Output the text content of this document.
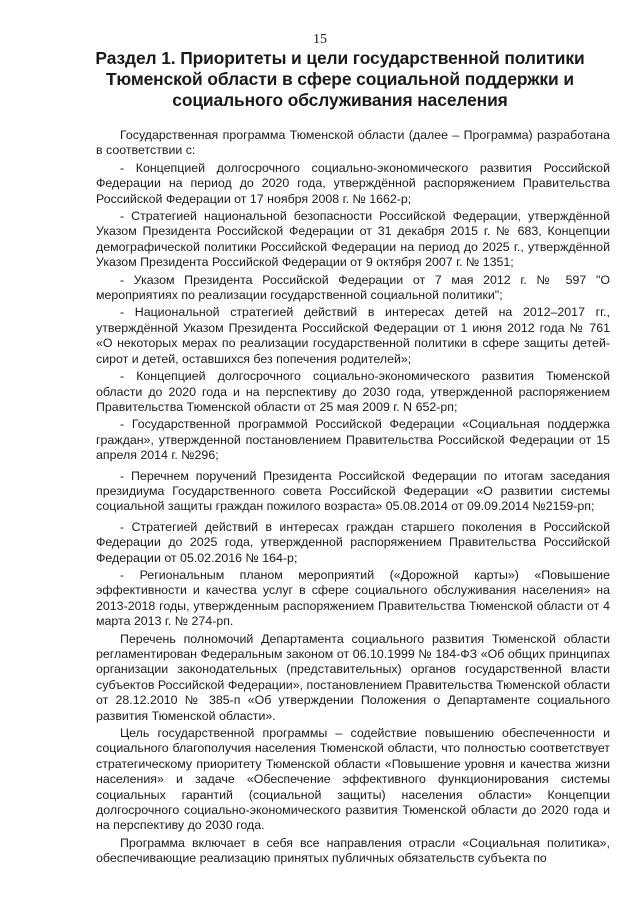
15
Раздел 1. Приоритеты и цели государственной политики
Тюменской области в сфере социальной поддержки и
социального обслуживания населения

Государственная программа Тюменской области (далее – Программа) разработана в соответствии с:

- Концепцией долгосрочного социально-экономического развития Российской Федерации на период до 2020 года, утверждённой распоряжением Правительства Российской Федерации от 17 ноября 2008 г. № 1662-р;

- Стратегией национальной безопасности Российской Федерации, утверждённой Указом Президента Российской Федерации от 31 декабря 2015 г. № 683, Концепции демографической политики Российской Федерации на период до 2025 г., утверждённой Указом Президента Российской Федерации от 9 октября 2007 г. № 1351;

- Указом Президента Российской Федерации от 7 мая 2012 г. № 597 "О мероприятиях по реализации государственной социальной политики";

- Национальной стратегией действий в интересах детей на 2012–2017 гг., утверждённой Указом Президента Российской Федерации от 1 июня 2012 года № 761 «О некоторых мерах по реализации государственной политики в сфере защиты детей-сирот и детей, оставшихся без попечения родителей»;

- Концепцией долгосрочного социально-экономического развития Тюменской области до 2020 года и на перспективу до 2030 года, утвержденной распоряжением Правительства Тюменской области от 25 мая 2009 г. N 652-рп;

- Государственной программой Российской Федерации «Социальная поддержка граждан», утвержденной постановлением Правительства Российской Федерации от 15 апреля 2014 г. №296;

- Перечнем поручений Президента Российской Федерации по итогам заседания президиума Государственного совета Российской Федерации «О развитии системы социальной защиты граждан пожилого возраста» 05.08.2014 от 09.09.2014 №2159-рп;

- Стратегией действий в интересах граждан старшего поколения в Российской Федерации до 2025 года, утвержденной распоряжением Правительства Российской Федерации от 05.02.2016 № 164-р;

- Региональным планом мероприятий («Дорожной карты») «Повышение эффективности и качества услуг в сфере социального обслуживания населения» на 2013-2018 годы, утвержденным распоряжением Правительства Тюменской области от 4 марта 2013 г. № 274-рп.

Перечень полномочий Департамента социального развития Тюменской области регламентирован Федеральным законом от 06.10.1999 № 184-ФЗ «Об общих принципах организации законодательных (представительных) органов государственной власти субъектов Российской Федерации», постановлением Правительства Тюменской области от 28.12.2010 № 385-п «Об утверждении Положения о Департаменте социального развития Тюменской области».

Цель государственной программы – содействие повышению обеспеченности и социального благополучия населения Тюменской области, что полностью соответствует стратегическому приоритету Тюменской области «Повышение уровня и качества жизни населения» и задаче «Обеспечение эффективного функционирования системы социальных гарантий (социальной защиты) населения области» Концепции долгосрочного социально-экономического развития Тюменской области до 2020 года и на перспективу до 2030 года.

Программа включает в себя все направления отрасли «Социальная политика», обеспечивающие реализацию принятых публичных обязательств субъекта по
